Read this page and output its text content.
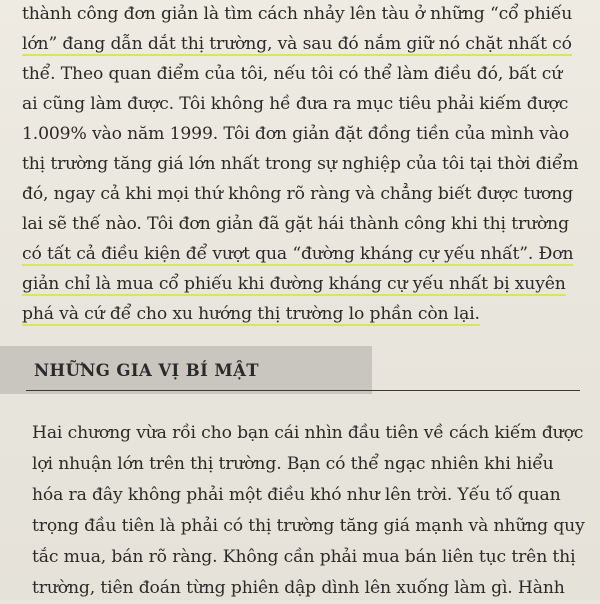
thành công đơn giản là tìm cách nhảy lên tàu ở những “cổ phiếu
lớn” đang dẫn dắt thị trường, và sau đó nắm giữ nó chặt nhất có
thể. Theo quan điểm của tôi, nếu tôi có thể làm điều đó, bất cứ
ai cũng làm được. Tôi không hề đưa ra mục tiêu phải kiếm được
1.009% vào năm 1999. Tôi đơn giản đặt đồng tiền của mình vào
thị trường tăng giá lớn nhất trong sự nghiệp của tôi tại thời điểm
đó, ngay cả khi mọi thứ không rõ ràng và chẳng biết được tương
lai sẽ thế nào. Tôi đơn giản đã gặt hái thành công khi thị trường
có tất cả điều kiện để vượt qua “đường kháng cự yếu nhất”. Đơn
giản chỉ là mua cổ phiếu khi đường kháng cự yếu nhất bị xuyên
phá và cứ để cho xu hướng thị trường lo phần còn lại.
NHỮNG GIA VỊ BÍ MẬT
Hai chương vừa rồi cho bạn cái nhìn đầu tiên về cách kiếm được
lợi nhuận lớn trên thị trường. Bạn có thể ngạc nhiên khi hiểu
hóa ra đây không phải một điều khó như lên trời. Yếu tố quan
trọng đầu tiên là phải có thị trường tăng giá mạnh và những quy
tắc mua, bán rõ ràng. Không cần phải mua bán liên tục trên thị
trường, tiên đoán từng phiên dập dình lên xuống làm gì. Hành
